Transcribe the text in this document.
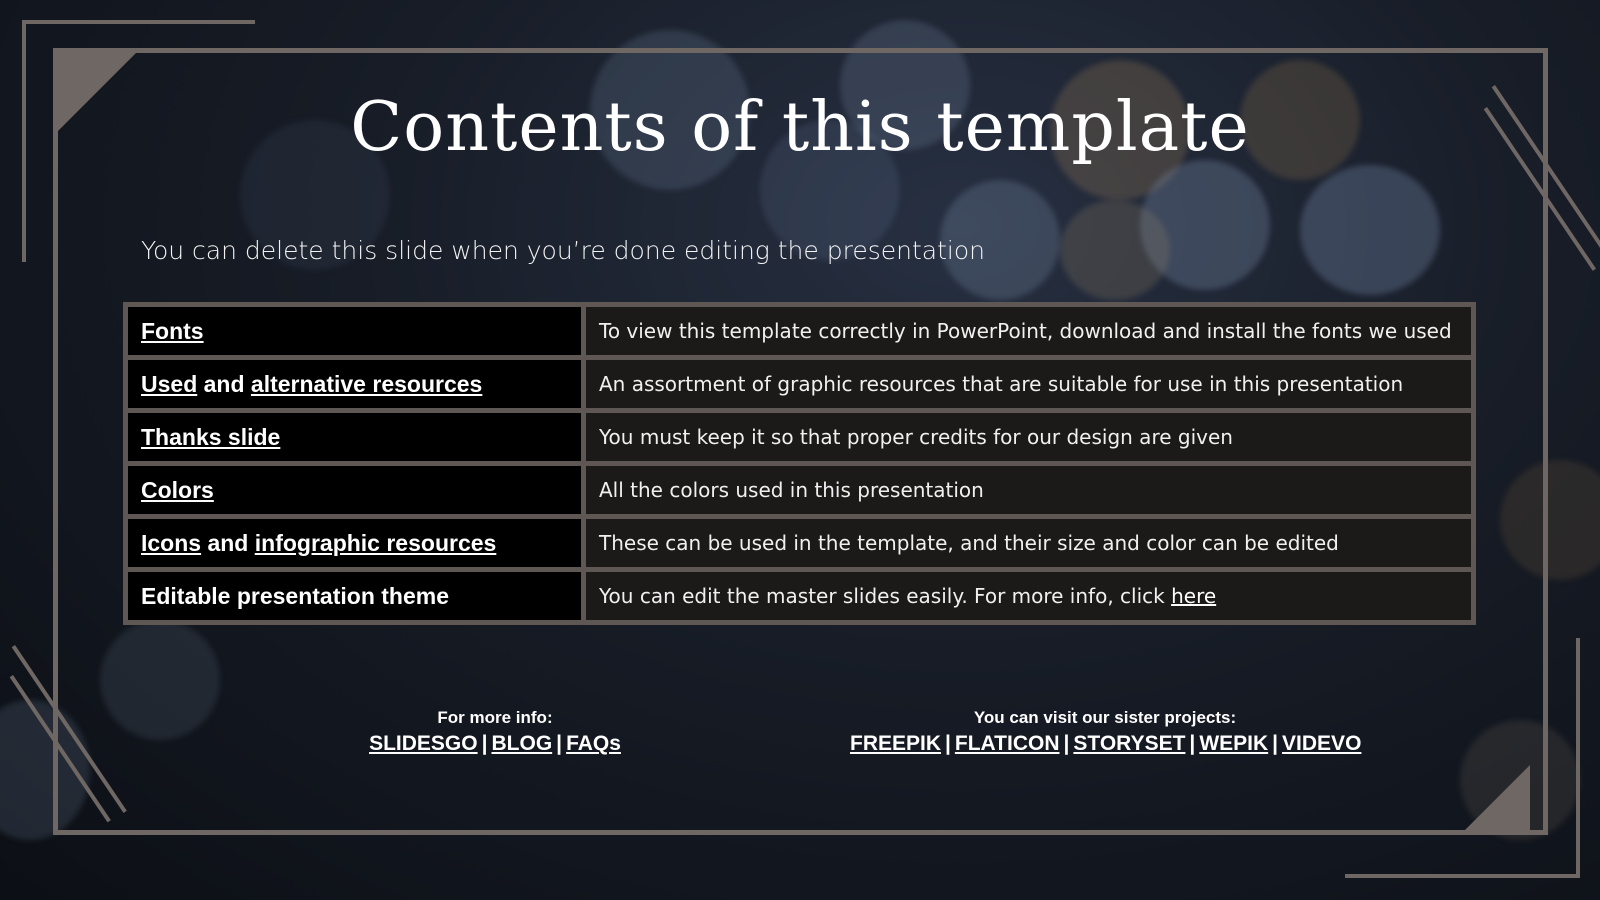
Contents of this template

You can delete this slide when you’re done editing the presentation

Fonts	To view this template correctly in PowerPoint, download and install the fonts we used
Used and alternative resources	An assortment of graphic resources that are suitable for use in this presentation
Thanks slide	You must keep it so that proper credits for our design are given
Colors	All the colors used in this presentation
Icons and infographic resources	These can be used in the template, and their size and color can be edited
Editable presentation theme	You can edit the master slides easily. For more info, click here

For more info:

SLIDESGO | BLOG | FAQs

You can visit our sister projects:

FREEPIK | FLATICON | STORYSET | WEPIK | VIDEVO
